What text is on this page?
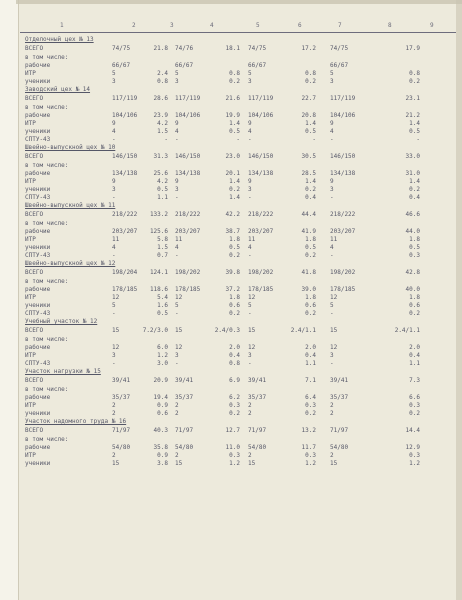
1	2	3	4	5	6	7	8	9
Отделочный цех № 13
ВСЕГО	74/75	21.8 74/76	18.1 74/75	17.2 74/75	17.9
в том числе:
рабочие	66/67	66/67	66/67	66/67
ИТР	5	2.4 5	0.8 5	0.8 5	0.8
ученики	3	0.8 3	0.2 3	0.2 3	0.2
Заводский цех № 14
ВСЕГО	117/119	28.6 117/119	21.6 117/119	22.7 117/119	23.1
в том числе:
рабочие	104/106	23.9 104/106	19.9 104/106	20.8 104/106	21.2
ИТР	9	4.2 9	1.4 9	1.4 9	1.4
ученики	4	1.5 4	0.5 4	0.5 4	0.5
СПТУ-43	-	- -	- -	- -	-
Швейно-выпускной цех № 10
ВСЕГО	146/150	31.3 146/150	23.0 146/150	30.5 146/150	33.0
в том числе:
рабочие	134/138	25.6 134/138	20.1 134/138	28.5 134/138	31.0
ИТР	9	4.2 9	1.4 9	1.4 9	1.4
ученики	3	0.5 3	0.2 3	0.2 3	0.2
СПТУ-43	-	1.1 -	1.4 -	0.4 -	0.4
Швейно-выпускной цех № 11
ВСЕГО	218/222	133.2 218/222	42.2 218/222	44.4 218/222	46.6
в том числе:
рабочие	203/207	125.6 203/207	38.7 203/207	41.9 203/207	44.0
ИТР	11	5.8 11	1.8 11	1.8 11	1.8
ученики	4	1.5 4	0.5 4	0.5 4	0.5
СПТУ-43	-	0.7 -	0.2 -	0.2 -	0.3
Швейно-выпускной цех № 12
ВСЕГО	198/204	124.1 198/202	39.8 198/202	41.8 198/202	42.8
в том числе:
рабочие	178/185	118.6 178/185	37.2 178/185	39.0 178/185	40.0
ИТР	12	5.4 12	1.8 12	1.8 12	1.8
ученики	5	1.6 5	0.6 5	0.6 5	0.6
СПТУ-43	-	0.5 -	0.2 -	0.2 -	0.2
Учебный участок № 12
ВСЕГО	15	7.2/3.0 15	2.4/0.3 15	2.4/1.1 15	2.4/1.1
в том числе:
рабочие	12	6.0 12	2.0 12	2.0 12	2.0
ИТР	3	1.2 3	0.4 3	0.4 3	0.4
СПТУ-43	-	3.0 -	0.8 -	1.1 -	1.1
Участок нагрузки № 15
ВСЕГО	39/41	20.9 39/41	6.9 39/41	7.1 39/41	7.3
в том числе:
рабочие	35/37	19.4 35/37	6.2 35/37	6.4 35/37	6.6
ИТР	2	0.9 2	0.3 2	0.3 2	0.3
ученики	2	0.6 2	0.2 2	0.2 2	0.2
Участок надомного труда № 16
ВСЕГО	71/97	40.3 71/97	12.7 71/97	13.2 71/97	14.4
в том числе:
рабочие	54/80	35.8 54/80	11.0 54/80	11.7 54/80	12.9
ИТР	2	0.9 2	0.3 2	0.3 2	0.3
ученики	15	3.8 15	1.2 15	1.2 15	1.2
